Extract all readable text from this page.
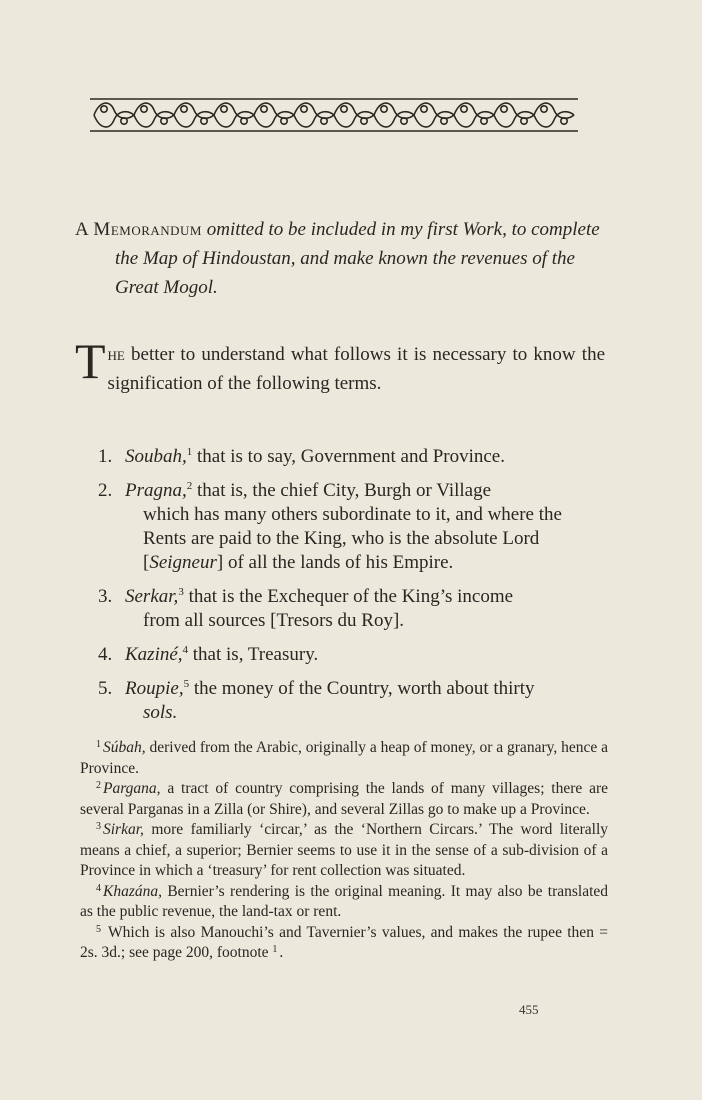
A Memorandum omitted to be included in my first Work, to complete the Map of Hindoustan, and make known the revenues of the Great Mogol.
The better to understand what follows it is necessary to know the signification of the following terms.
1. Soubah,$^1$ that is to say, Government and Province.
2. Pragna,$^2$ that is, the chief City, Burgh or Village
which has many others subordinate to it, and where the Rents are paid to the King, who is the absolute Lord [Seigneur] of all the lands of his Empire.
3. Serkar,$^3$ that is the Exchequer of the King’s income
from all sources [Tresors du Roy].
4. Kaziné,$^4$ that is, Treasury.
5. Roupie,$^5$ the money of the Country, worth about thirty
sols.

$^1$ Súbah, derived from the Arabic, originally a heap of money, or a granary, hence a Province.

$^2$ Pargana, a tract of country comprising the lands of many villages; there are several Parganas in a Zilla (or Shire), and several Zillas go to make up a Province.

$^3$ Sirkar, more familiarly ‘circar,’ as the ‘Northern Circars.’ The word literally means a chief, a superior; Bernier seems to use it in the sense of a sub-division of a Province in which a ‘treasury’ for rent collection was situated.

$^4$ Khazána, Bernier’s rendering is the original meaning. It may also be translated as the public revenue, the land-tax or rent.

$^5$ Which is also Manouchi’s and Tavernier’s values, and makes the rupee then = 2s. 3d.; see page 200, footnote $^1$ .

455
